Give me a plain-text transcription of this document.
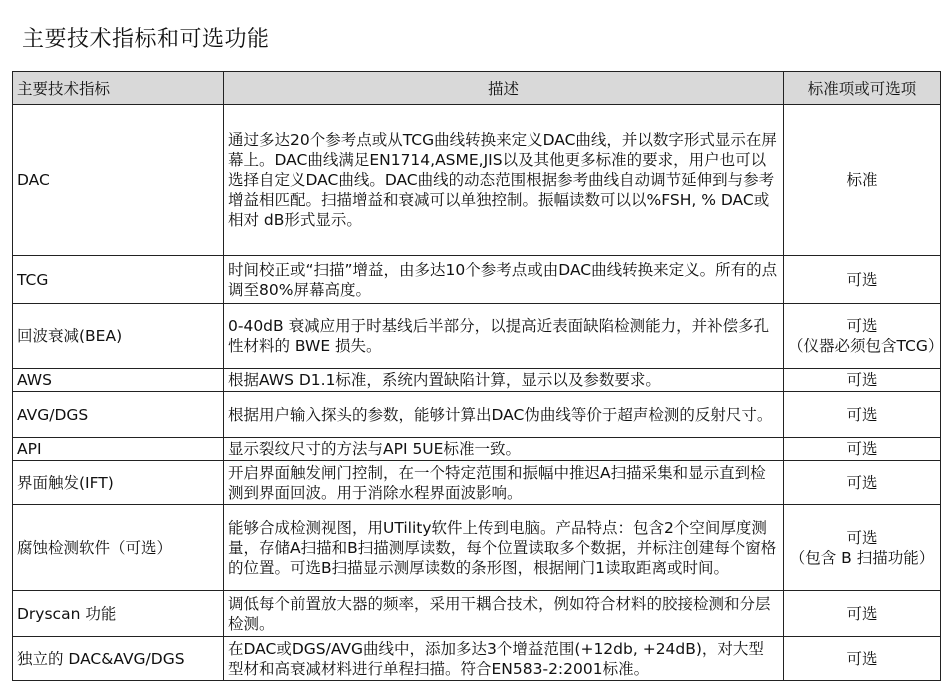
主要技术指标和可选功能
主要技术指标	描述	标准项或可选项
DAC	通过多达20个参考点或从TCG曲线转换来定义DAC曲线，并以数字形式显示在屏幕上。DAC曲线满足EN1714,ASME,JIS以及其他更多标准的要求，用户也可以选择自定义DAC曲线。DAC曲线的动态范围根据参考曲线自动调节延伸到与参考增益相匹配。扫描增益和衰减可以单独控制。振幅读数可以以%FSH, % DAC或相对 dB形式显示。	标准
TCG	时间校正或“扫描”增益，由多达10个参考点或由DAC曲线转换来定义。所有的点调至80%屏幕高度。	可选
回波衰减(BEA)	0-40dB 衰减应用于时基线后半部分，以提高近表面缺陷检测能力，并补偿多孔性材料的 BWE 损失。	可选
（仪器必须包含TCG）
AWS	根据AWS D1.1标准，系统内置缺陷计算，显示以及参数要求。	可选
AVG/DGS	根据用户输入探头的参数，能够计算出DAC伪曲线等价于超声检测的反射尺寸。	可选
API	显示裂纹尺寸的方法与API 5UE标准一致。	可选
界面触发(IFT)	开启界面触发闸门控制，在一个特定范围和振幅中推迟A扫描采集和显示直到检测到界面回波。用于消除水程界面波影响。	可选
腐蚀检测软件（可选）	能够合成检测视图，用UTility软件上传到电脑。产品特点：包含2个空间厚度测量，存储A扫描和B扫描测厚读数，每个位置读取多个数据，并标注创建每个窗格的位置。可选B扫描显示测厚读数的条形图，根据闸门1读取距离或时间。	可选
（包含 B 扫描功能）
Dryscan 功能	调低每个前置放大器的频率，采用干耦合技术，例如符合材料的胶接检测和分层检测。	可选
独立的 DAC&AVG/DGS	在DAC或DGS/AVG曲线中，添加多达3个增益范围(+12db, +24dB)，对大型型材和高衰减材料进行单程扫描。符合EN583-2:2001标准。	可选
